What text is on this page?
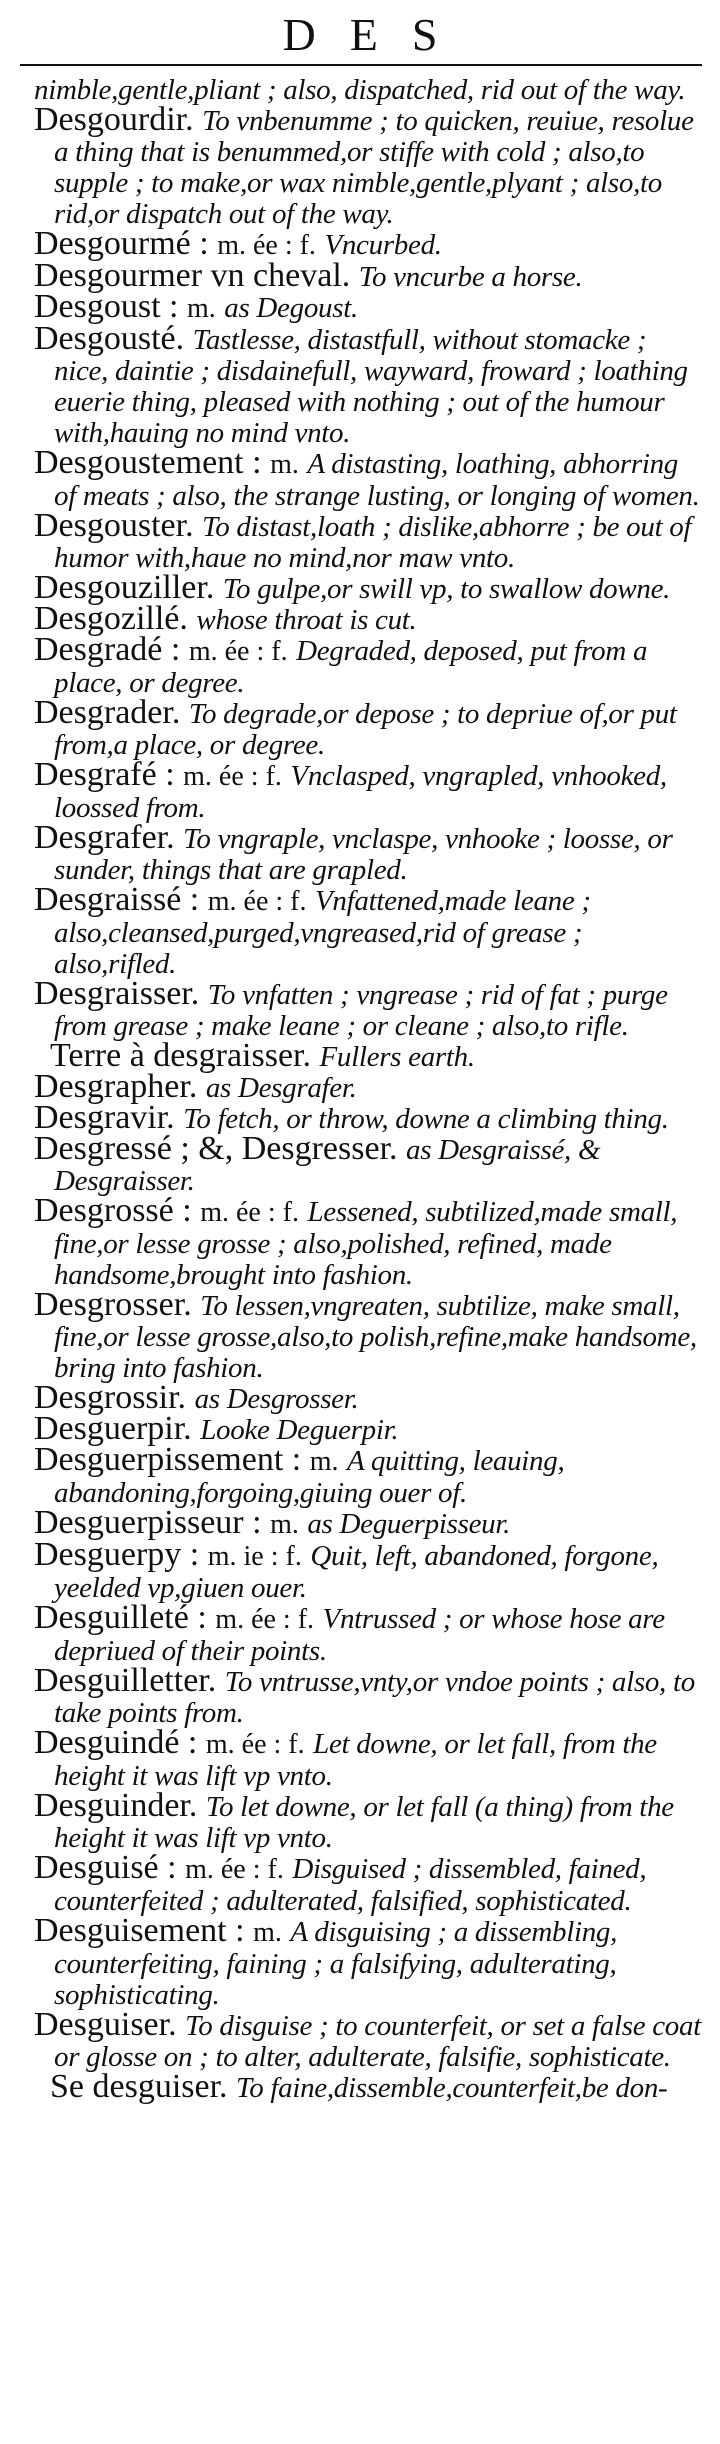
DES

nimble,gentle,pliant ; also, dispatched, rid out of the way.

Desgourdir. To vnbenumme ; to quicken, reuiue, resolue a thing that is benummed,or stiffe with cold ; also,to supple ; to make,or wax nimble,gentle,plyant ; also,to rid,or dispatch out of the way.

Desgourmé : m. ée : f. Vncurbed.

Desgourmer vn cheval. To vncurbe a horse.

Desgoust : m. as Degoust.

Desgousté. Tastlesse, distastfull, without stomacke ; nice, daintie ; disdainefull, wayward, froward ; loathing euerie thing, pleased with nothing ; out of the humour with,hauing no mind vnto.

Desgoustement : m. A distasting, loathing, abhorring of meats ; also, the strange lusting, or longing of women.

Desgouster. To distast,loath ; dislike,abhorre ; be out of humor with,haue no mind,nor maw vnto.

Desgouziller. To gulpe,or swill vp, to swallow downe.

Desgozillé. whose throat is cut.

Desgradé : m. ée : f. Degraded, deposed, put from a place, or degree.

Desgrader. To degrade,or depose ; to depriue of,or put from,a place, or degree.

Desgrafé : m. ée : f. Vnclasped, vngrapled, vnhooked, loossed from.

Desgrafer. To vngraple, vnclaspe, vnhooke ; loosse, or sunder, things that are grapled.

Desgraissé : m. ée : f. Vnfattened,made leane ; also,cleansed,purged,vngreased,rid of grease ; also,rifled.

Desgraisser. To vnfatten ; vngrease ; rid of fat ; purge from grease ; make leane ; or cleane ; also,to rifle.

Terre à desgraisser. Fullers earth.

Desgrapher. as Desgrafer.

Desgravir. To fetch, or throw, downe a climbing thing.

Desgressé ; &, Desgresser. as Desgraissé, & Desgraisser.

Desgrossé : m. ée : f. Lessened, subtilized,made small, fine,or lesse grosse ; also,polished, refined, made handsome,brought into fashion.

Desgrosser. To lessen,vngreaten, subtilize, make small, fine,or lesse grosse,also,to polish,refine,make handsome, bring into fashion.

Desgrossir. as Desgrosser.

Desguerpir. Looke Deguerpir.

Desguerpissement : m. A quitting, leauing, abandoning,forgoing,giuing ouer of.

Desguerpisseur : m. as Deguerpisseur.

Desguerpy : m. ie : f. Quit, left, abandoned, forgone, yeelded vp,giuen ouer.

Desguilleté : m. ée : f. Vntrussed ; or whose hose are depriued of their points.

Desguilletter. To vntrusse,vnty,or vndoe points ; also, to take points from.

Desguindé : m. ée : f. Let downe, or let fall, from the height it was lift vp vnto.

Desguinder. To let downe, or let fall (a thing) from the height it was lift vp vnto.

Desguisé : m. ée : f. Disguised ; dissembled, fained, counterfeited ; adulterated, falsified, sophisticated.

Desguisement : m. A disguising ; a dissembling, counterfeiting, faining ; a falsifying, adulterating, sophisticating.

Desguiser. To disguise ; to counterfeit, or set a false coat or glosse on ; to alter, adulterate, falsifie, sophisticate.

Se desguiser. To faine,dissemble,counterfeit,be don-
